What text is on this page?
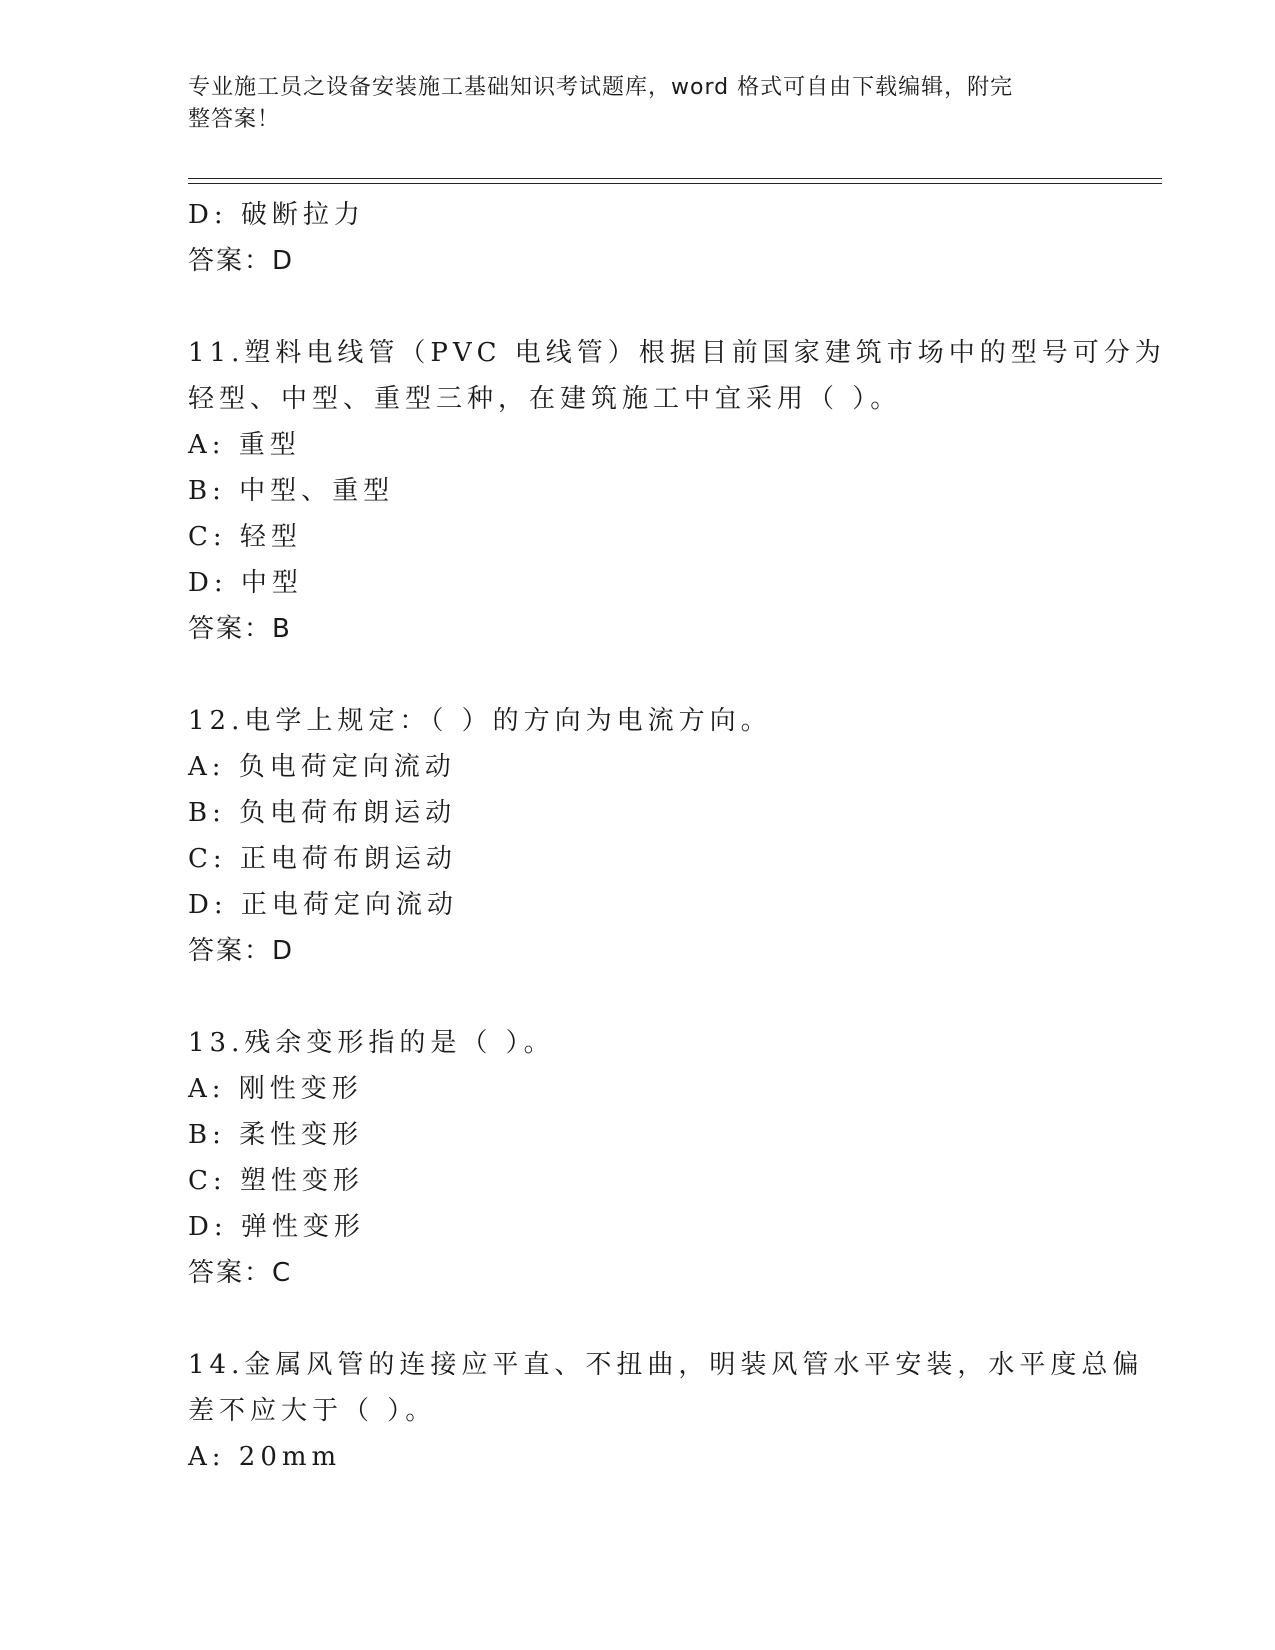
专业施工员之设备安装施工基础知识考试题库，word 格式可自由下载编辑，附完
整答案！
D: 破断拉力
答案：D
11.塑料电线管（PVC 电线管）根据目前国家建筑市场中的型号可分为
轻型、中型、重型三种，在建筑施工中宜采用（ ）。
A: 重型
B: 中型、重型
C: 轻型
D: 中型
答案：B
12.电学上规定：（ ）的方向为电流方向。
A: 负电荷定向流动
B: 负电荷布朗运动
C: 正电荷布朗运动
D: 正电荷定向流动
答案：D
13.残余变形指的是（ ）。
A: 刚性变形
B: 柔性变形
C: 塑性变形
D: 弹性变形
答案：C
14.金属风管的连接应平直、不扭曲，明装风管水平安装，水平度总偏
差不应大于（ ）。
A: 20mm
